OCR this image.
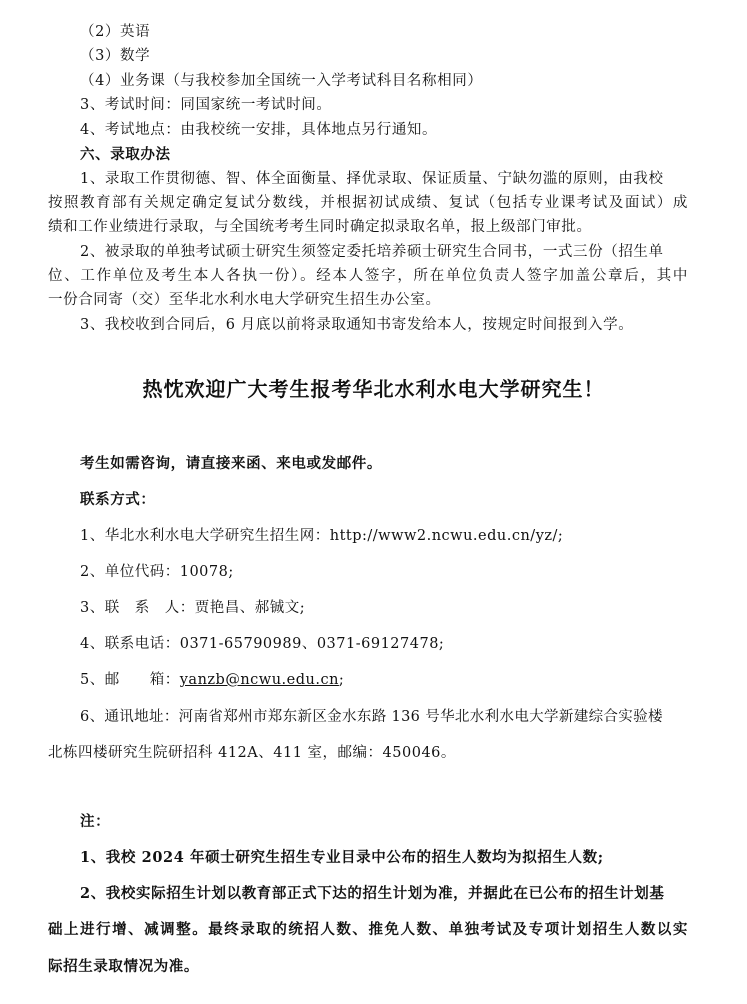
（2）英语
（3）数学
（4）业务课（与我校参加全国统一入学考试科目名称相同）
3、考试时间：同国家统一考试时间。
4、考试地点：由我校统一安排，具体地点另行通知。
六、录取办法
1、录取工作贯彻德、智、体全面衡量、择优录取、保证质量、宁缺勿滥的原则，由我校
按照教育部有关规定确定复试分数线，并根据初试成绩、复试（包括专业课考试及面试）成
绩和工作业绩进行录取，与全国统考考生同时确定拟录取名单，报上级部门审批。
2、被录取的单独考试硕士研究生须签定委托培养硕士研究生合同书，一式三份（招生单
位、工作单位及考生本人各执一份）。经本人签字，所在单位负责人签字加盖公章后，其中
一份合同寄（交）至华北水利水电大学研究生招生办公室。
3、我校收到合同后，6 月底以前将录取通知书寄发给本人，按规定时间报到入学。
热忱欢迎广大考生报考华北水利水电大学研究生！
考生如需咨询，请直接来函、来电或发邮件。
联系方式：
1、华北水利水电大学研究生招生网：http://www2.ncwu.edu.cn/yz/;
2、单位代码：10078;
3、联　系　人：贾艳昌、郝铖文;
4、联系电话：0371-65790989、0371-69127478;
5、邮　　箱：yanzb@ncwu.edu.cn;
6、通讯地址：河南省郑州市郑东新区金水东路 136 号华北水利水电大学新建综合实验楼
北栋四楼研究生院研招科 412A、411 室，邮编：450046。
注：
1、我校 2024 年硕士研究生招生专业目录中公布的招生人数均为拟招生人数;
2、我校实际招生计划以教育部正式下达的招生计划为准，并据此在已公布的招生计划基
础上进行增、减调整。最终录取的统招人数、推免人数、单独考试及专项计划招生人数以实
际招生录取情况为准。
